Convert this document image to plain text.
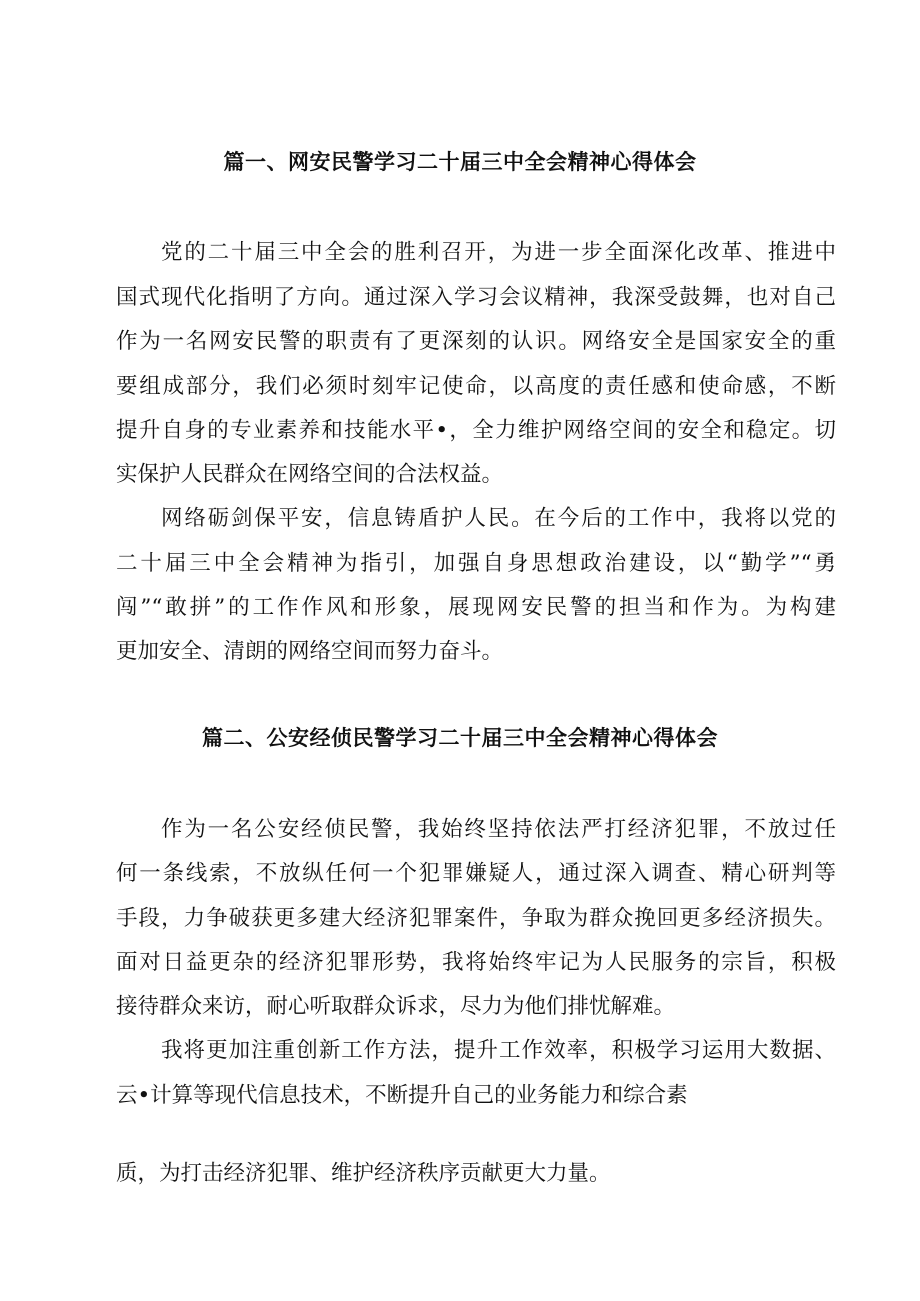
篇一、网安民警学习二十届三中全会精神心得体会
党的二十届三中全会的胜利召开，为进一步全面深化改革、推进中
国式现代化指明了方向。通过深入学习会议精神，我深受鼓舞，也对自己
作为一名网安民警的职责有了更深刻的认识。网络安全是国家安全的重
要组成部分，我们必须时刻牢记使命，以高度的责任感和使命感，不断
提升自身的专业素养和技能水平•，全力维护网络空间的安全和稳定。切
实保护人民群众在网络空间的合法权益。
网络砺剑保平安，信息铸盾护人民。在今后的工作中，我将以党的
二十届三中全会精神为指引，加强自身思想政治建设，以“勤学”“勇
闯”“敢拼”的工作作风和形象，展现网安民警的担当和作为。为构建
更加安全、清朗的网络空间而努力奋斗。
篇二、公安经侦民警学习二十届三中全会精神心得体会
作为一名公安经侦民警，我始终坚持依法严打经济犯罪，不放过任
何一条线索，不放纵任何一个犯罪嫌疑人，通过深入调查、精心研判等
手段，力争破获更多建大经济犯罪案件，争取为群众挽回更多经济损失。
面对日益更杂的经济犯罪形势，我将始终牢记为人民服务的宗旨，积极
接待群众来访，耐心听取群众诉求，尽力为他们排忧解难。
我将更加注重创新工作方法，提升工作效率，积极学习运用大数据、
云•计算等现代信息技术，不断提升自己的业务能力和综合素
质，为打击经济犯罪、维护经济秩序贡献更大力量。
